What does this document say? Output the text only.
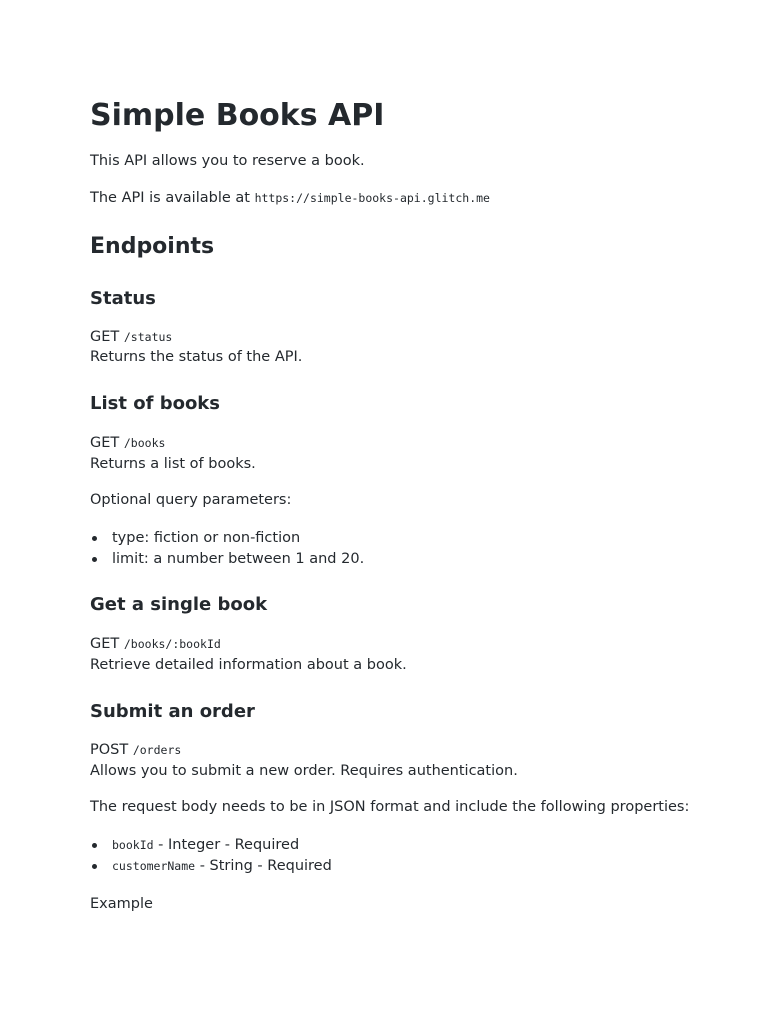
Simple Books API

This API allows you to reserve a book.

The API is available at https://simple-books-api.glitch.me

Endpoints
Status

GET /status

Returns the status of the API.

List of books

GET /books

Returns a list of books.

Optional query parameters:

type: fiction or non-fiction

limit: a number between 1 and 20.

Get a single book

GET /books/:bookId

Retrieve detailed information about a book.

Submit an order

POST /orders

Allows you to submit a new order. Requires authentication.

The request body needs to be in JSON format and include the following properties:

bookId - Integer - Required

customerName - String - Required

Example
